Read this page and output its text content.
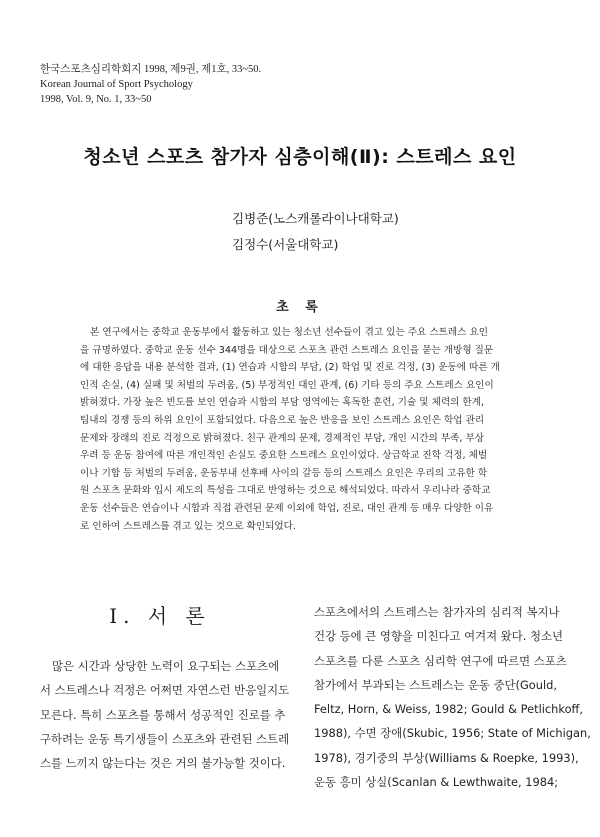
한국스포츠심리학회지 1998, 제9권, 제1호, 33~50.
Korean Journal of Sport Psychology
1998, Vol. 9, No. 1, 33~50
청소년 스포츠 참가자 심층이해(Ⅱ): 스트레스 요인
김병준(노스캐롤라이나대학교)
김정수(서울대학교)
초 록
본 연구에서는 중학교 운동부에서 활동하고 있는 청소년 선수들이 겪고 있는 주요 스트레스 요인
을 규명하였다. 중학교 운동 선수 344명을 대상으로 스포츠 관련 스트레스 요인을 묻는 개방형 질문
에 대한 응답을 내용 분석한 결과, (1) 연습과 시합의 부담, (2) 학업 및 진로 걱정, (3) 운동에 따른 개
인적 손실, (4) 실패 및 처벌의 두려움, (5) 부정적인 대인 관계, (6) 기타 등의 주요 스트레스 요인이
밝혀졌다. 가장 높은 빈도를 보인 연습과 시합의 부담 영역에는 혹독한 훈련, 기술 및 체력의 한계,
팀내의 경쟁 등의 하위 요인이 포함되었다. 다음으로 높은 반응을 보인 스트레스 요인은 학업 관리
문제와 장래의 진로 걱정으로 밝혀졌다. 친구 관계의 문제, 경제적인 부담, 개인 시간의 부족, 부상
우려 등 운동 참여에 따른 개인적인 손실도 중요한 스트레스 요인이었다. 상급학교 진학 걱정, 체벌
이나 기합 등 처벌의 두려움, 운동부내 선후배 사이의 갈등 등의 스트레스 요인은 우리의 고유한 학
원 스포츠 문화와 입시 제도의 특성을 그대로 반영하는 것으로 해석되었다. 따라서 우리나라 중학교
운동 선수들은 연습이나 시합과 직접 관련된 문제 이외에 학업, 진로, 대인 관계 등 매우 다양한 이유
로 인하여 스트레스를 겪고 있는 것으로 확인되었다.
Ⅰ. 서 론
많은 시간과 상당한 노력이 요구되는 스포츠에
서 스트레스나 걱정은 어쩌면 자연스런 반응일지도
모른다. 특히 스포츠를 통해서 성공적인 진로를 추
구하려는 운동 특기생들이 스포츠와 관련된 스트레
스를 느끼지 않는다는 것은 거의 불가능할 것이다.
스포츠에서의 스트레스는 참가자의 심리적 복지나
건강 등에 큰 영향을 미친다고 여겨져 왔다. 청소년
스포츠를 다룬 스포츠 심리학 연구에 따르면 스포츠
참가에서 부과되는 스트레스는 운동 중단(Gould,
Feltz, Horn, & Weiss, 1982; Gould & Petlichkoff,
1988), 수면 장애(Skubic, 1956; State of Michigan,
1978), 경기중의 부상(Williams & Roepke, 1993),
운동 흥미 상실(Scanlan & Lewthwaite, 1984;
